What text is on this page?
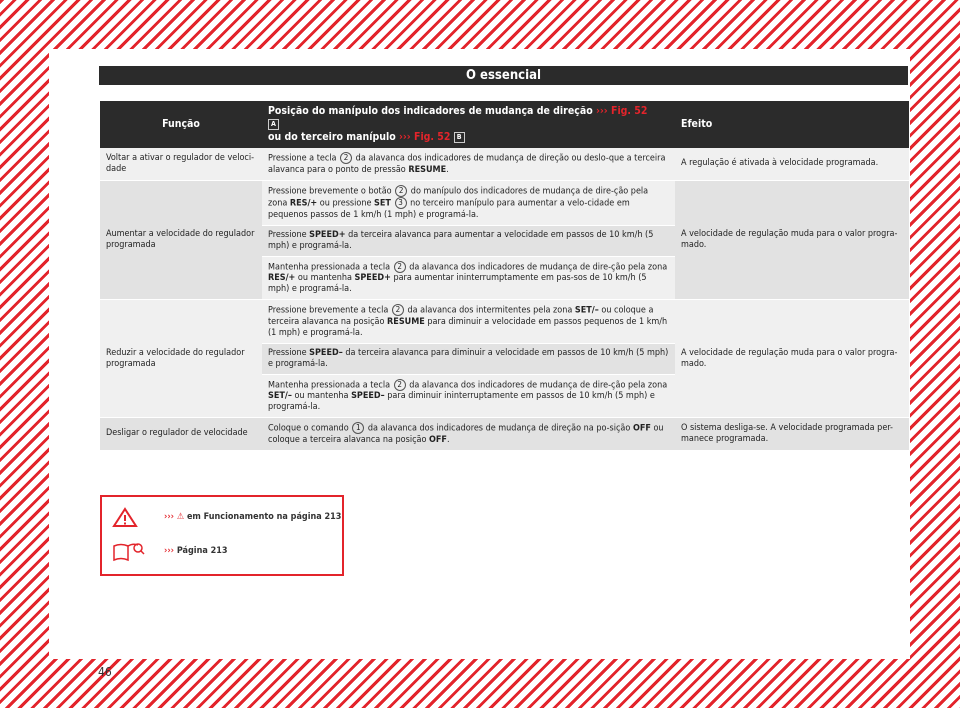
O essencial
Função	Posição do manípulo dos indicadores de mudança de direção ››› Fig. 52
A
ou do terceiro manípulo ››› Fig. 52 B	Efeito
Voltar a ativar o regulador de veloci-dade	Pressione a tecla 2 da alavanca dos indicadores de mudança de direção ou deslo-que a terceira alavanca para o ponto de pressão RESUME.	A regulação é ativada à velocidade programada.
Aumentar a velocidade do regulador programada	Pressione brevemente o botão 2 do manípulo dos indicadores de mudança de dire-ção pela zona RES/+ ou pressione SET 3 no terceiro manípulo para aumentar a velo-cidade em pequenos passos de 1 km/h (1 mph) e programá-la.	A velocidade de regulação muda para o valor progra-mado.
	Pressione SPEED+ da terceira alavanca para aumentar a velocidade em passos de 10 km/h (5 mph) e programá-la.	
	Mantenha pressionada a tecla 2 da alavanca dos indicadores de mudança de dire-ção pela zona RES/+ ou mantenha SPEED+ para aumentar ininterrumptamente em pas-sos de 10 km/h (5 mph) e programá-la.	
Reduzir a velocidade do regulador programada	Pressione brevemente a tecla 2 da alavanca dos intermitentes pela zona SET/– ou coloque a terceira alavanca na posição RESUME para diminuir a velocidade em passos pequenos de 1 km/h (1 mph) e programá-la.	A velocidade de regulação muda para o valor progra-mado.
	Pressione SPEED– da terceira alavanca para diminuir a velocidade em passos de 10 km/h (5 mph) e programá-la.	
	Mantenha pressionada a tecla 2 da alavanca dos indicadores de mudança de dire-ção pela zona SET/– ou mantenha SPEED– para diminuir ininterruptamente em passos de 10 km/h (5 mph) e programá-la.	
Desligar o regulador de velocidade	Coloque o comando 1 da alavanca dos indicadores de mudança de direção na po-sição OFF ou coloque a terceira alavanca na posição OFF.	O sistema desliga-se. A velocidade programada per-manece programada.
››› ⚠ em Funcionamento na página 213
››› Página 213
46
